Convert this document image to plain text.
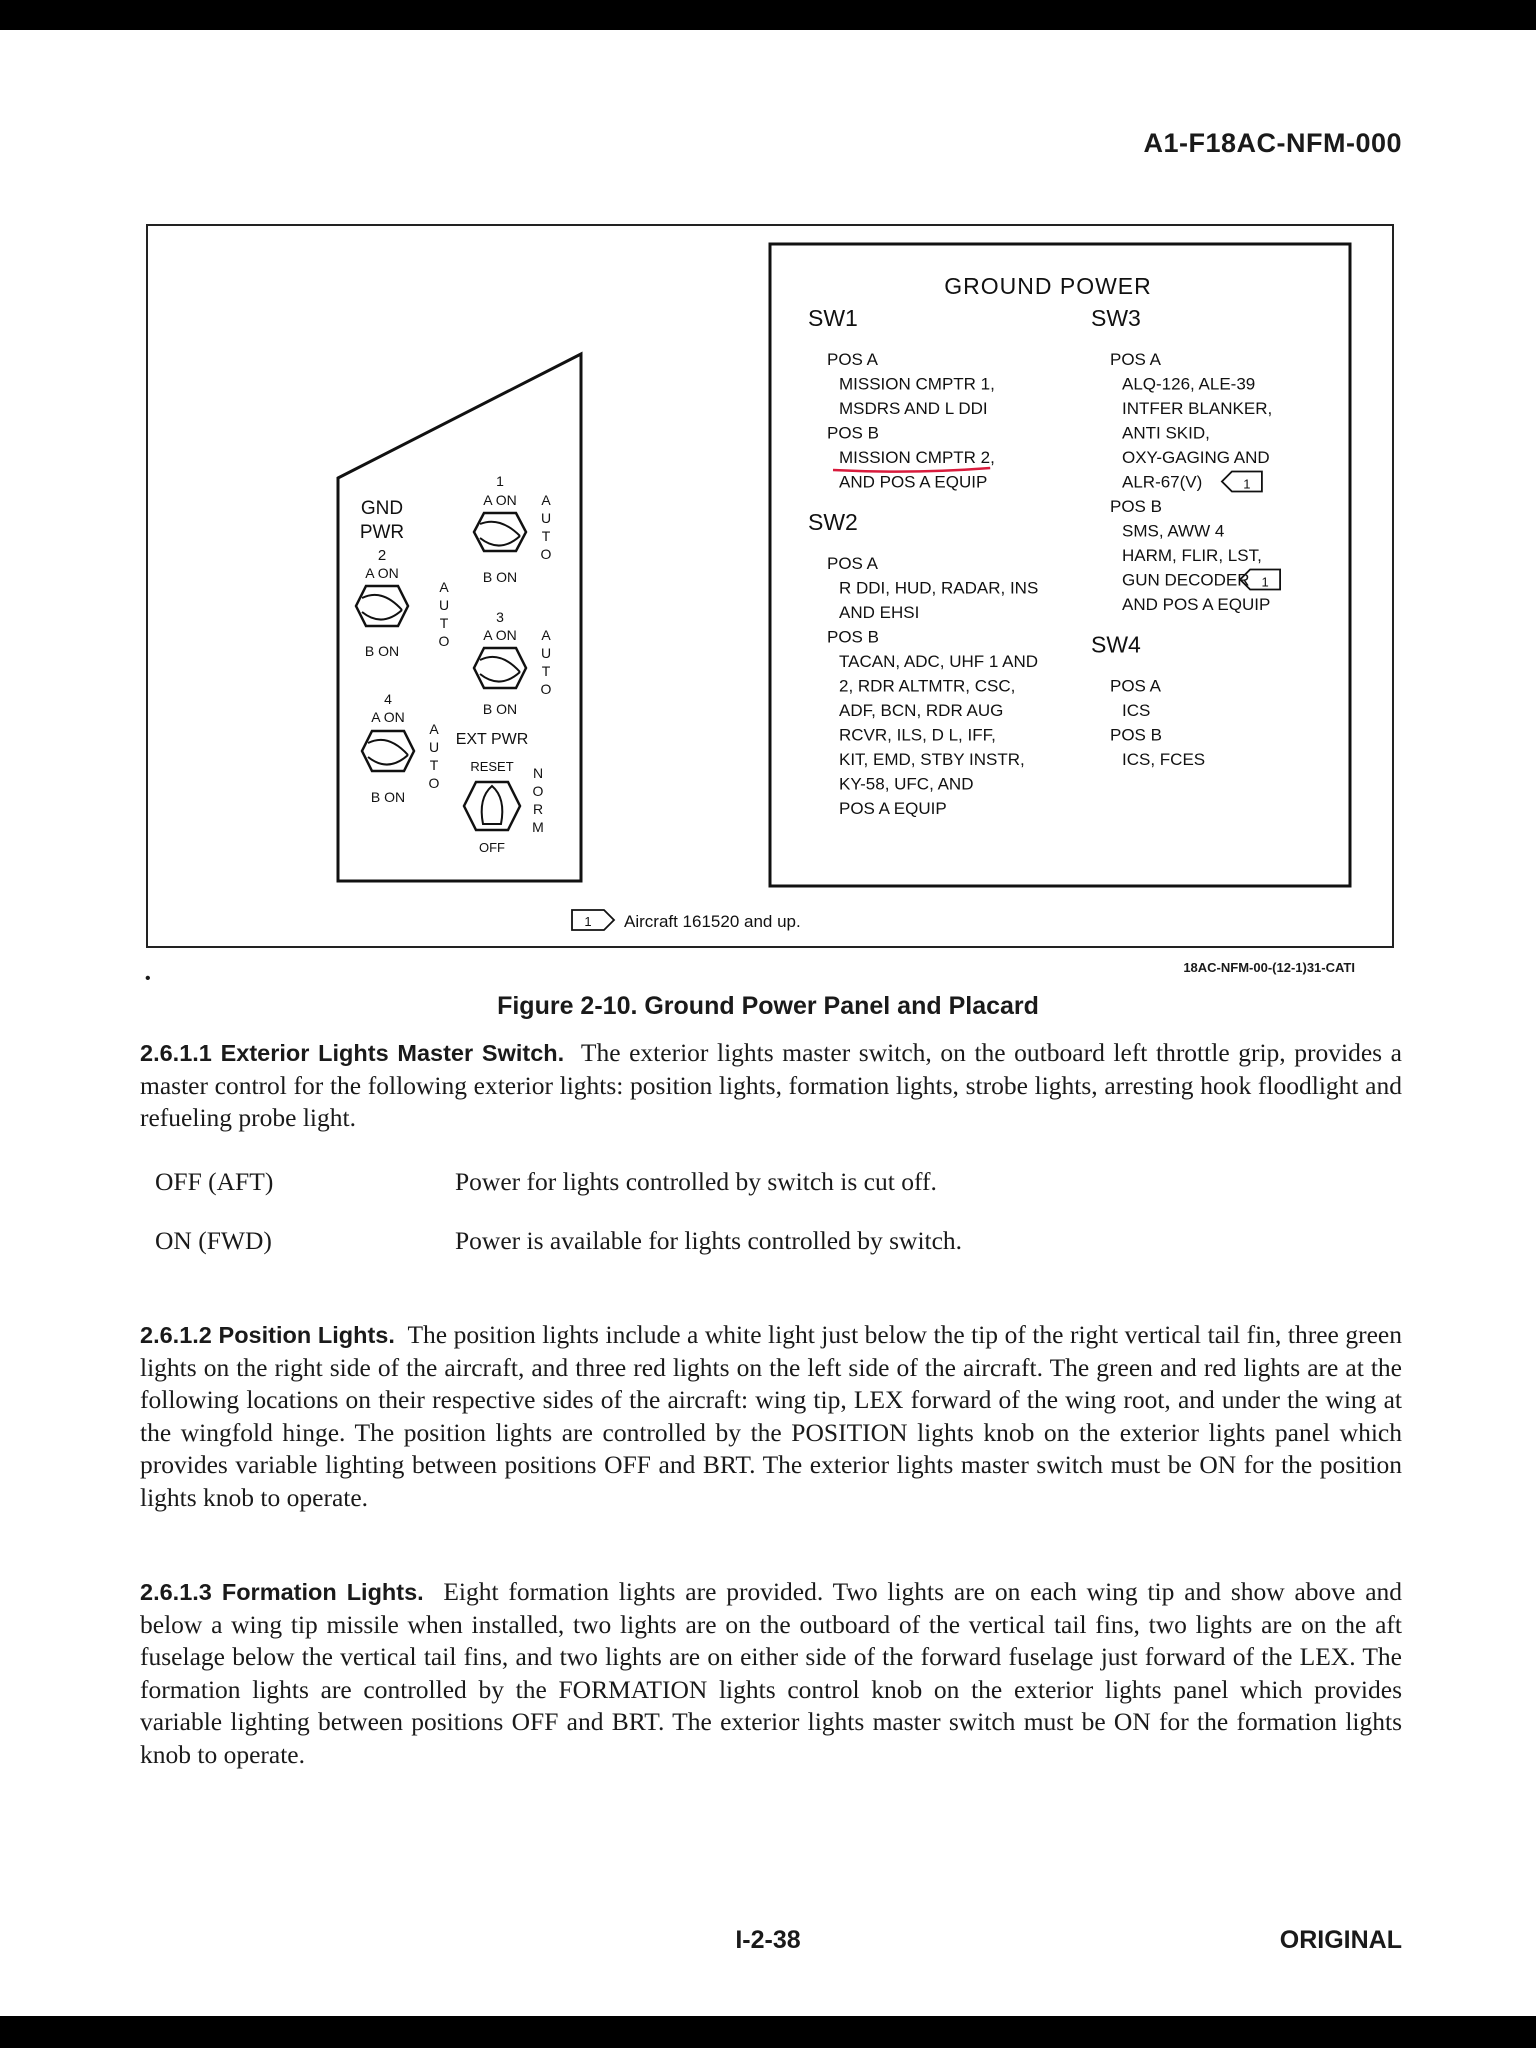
A1-F18AC-NFM-000
GND
PWR
1
A ON
B ON
A
U
T
O
2
A ON
B ON
A
U
T
O
3
A ON
B ON
A
U
T
O
4
A ON
B ON
A
U
T
O
EXT PWR
RESET
OFF
N
O
R
M
GROUND POWER
SW1
POS A
MISSION CMPTR 1,
MSDRS AND L DDI
POS B
MISSION CMPTR 2,
AND POS A EQUIP
SW2
POS A
R DDI, HUD, RADAR, INS
AND EHSI
POS B
TACAN, ADC, UHF 1 AND
2, RDR ALTMTR, CSC,
ADF, BCN, RDR AUG
RCVR, ILS, D L, IFF,
KIT, EMD, STBY INSTR,
KY-58, UFC, AND
POS A EQUIP
SW3
POS A
ALQ-126, ALE-39
INTFER BLANKER,
ANTI SKID,
OXY-GAGING AND
ALR-67(V)	1
POS B
SMS, AWW 4
HARM, FLIR, LST,
GUN DECODER 1
AND POS A EQUIP
SW4
POS A
ICS
POS B
ICS, FCES
1 Aircraft 161520 and up.
•
18AC-NFM-00-(12-1)31-CATI
Figure 2-10. Ground Power Panel and Placard
2.6.1.1 Exterior Lights Master Switch. The exterior lights master switch, on the outboard left throttle grip, provides a master control for the following exterior lights: position lights, formation lights, strobe lights, arresting hook floodlight and refueling probe light.
OFF (AFT)	Power for lights controlled by switch is cut off.
ON (FWD)	Power is available for lights controlled by switch.
2.6.1.2 Position Lights. The position lights include a white light just below the tip of the right vertical tail fin, three green lights on the right side of the aircraft, and three red lights on the left side of the aircraft. The green and red lights are at the following locations on their respective sides of the aircraft: wing tip, LEX forward of the wing root, and under the wing at the wingfold hinge. The position lights are controlled by the POSITION lights knob on the exterior lights panel which provides variable lighting between positions OFF and BRT. The exterior lights master switch must be ON for the position lights knob to operate.
2.6.1.3 Formation Lights. Eight formation lights are provided. Two lights are on each wing tip and show above and below a wing tip missile when installed, two lights are on the outboard of the vertical tail fins, two lights are on the aft fuselage below the vertical tail fins, and two lights are on either side of the forward fuselage just forward of the LEX. The formation lights are controlled by the FORMATION lights control knob on the exterior lights panel which provides variable lighting between positions OFF and BRT. The exterior lights master switch must be ON for the formation lights knob to operate.
I-2-38	ORIGINAL
